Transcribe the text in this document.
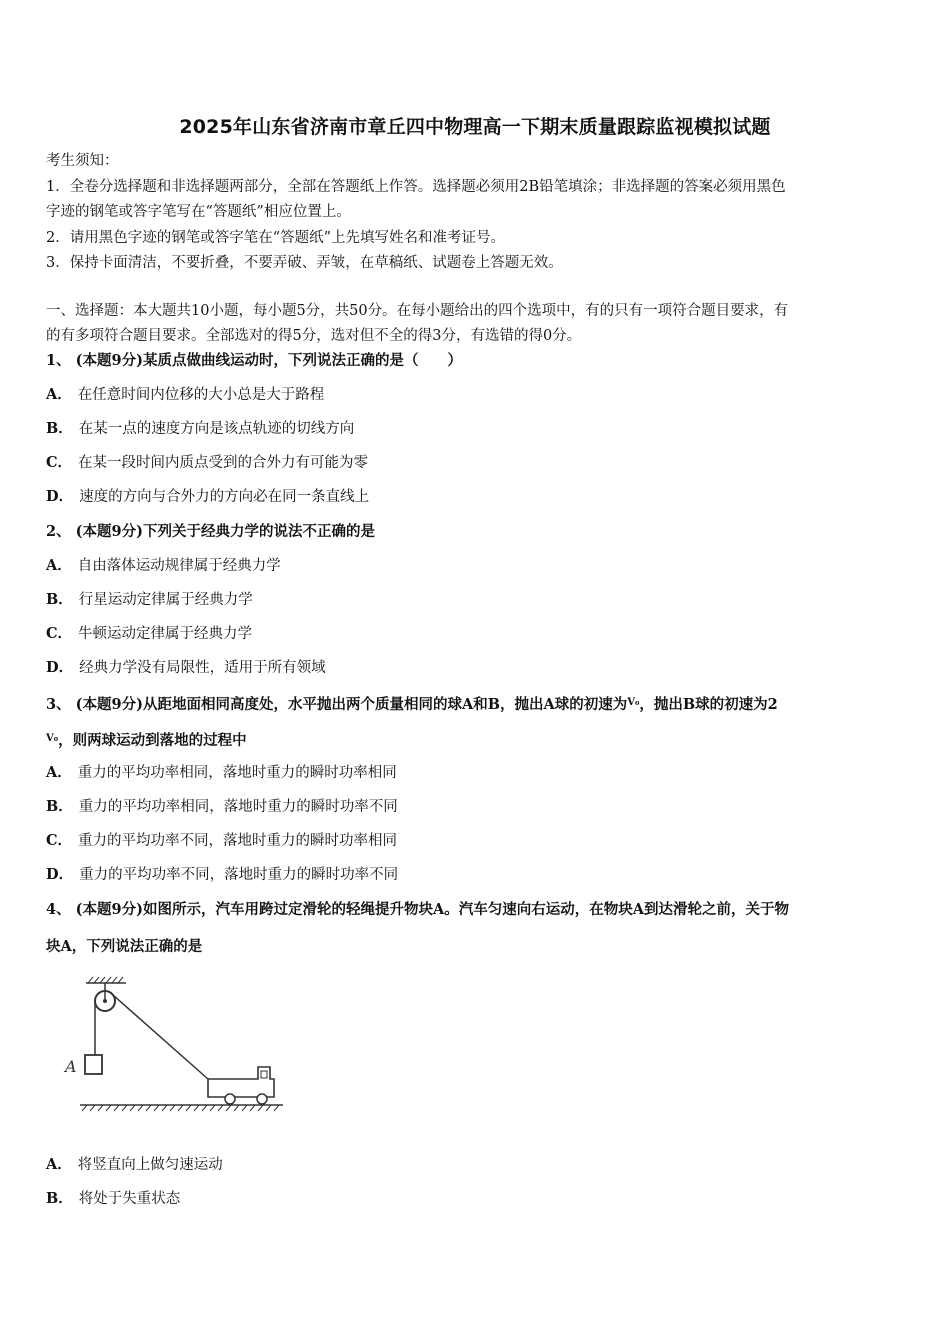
2025年山东省济南市章丘四中物理高一下期末质量跟踪监视模拟试题
考生须知：
1．全卷分选择题和非选择题两部分，全部在答题纸上作答。选择题必须用2B铅笔填涂；非选择题的答案必须用黑色
字迹的钢笔或答字笔写在“答题纸”相应位置上。
2．请用黑色字迹的钢笔或答字笔在“答题纸”上先填写姓名和准考证号。
3．保持卡面清洁，不要折叠，不要弄破、弄皱，在草稿纸、试题卷上答题无效。
一、选择题：本大题共10小题，每小题5分，共50分。在每小题给出的四个选项中，有的只有一项符合题目要求，有
的有多项符合题目要求。全部选对的得5分，选对但不全的得3分，有选错的得0分。
1、 (本题9分)某质点做曲线运动时，下列说法正确的是（　　）
A． 在任意时间内位移的大小总是大于路程
B． 在某一点的速度方向是该点轨迹的切线方向
C． 在某一段时间内质点受到的合外力有可能为零
D． 速度的方向与合外力的方向必在同一条直线上
2、 (本题9分)下列关于经典力学的说法不正确的是
A． 自由落体运动规律属于经典力学
B． 行星运动定律属于经典力学
C． 牛顿运动定律属于经典力学
D． 经典力学没有局限性，适用于所有领域
3、 (本题9分)从距地面相同高度处，水平抛出两个质量相同的球A和B，抛出A球的初速为$^{V_0}$，抛出B球的初速为2
$^{V_0}$，则两球运动到落地的过程中
A． 重力的平均功率相同，落地时重力的瞬时功率相同
B． 重力的平均功率相同，落地时重力的瞬时功率不同
C． 重力的平均功率不同，落地时重力的瞬时功率相同
D． 重力的平均功率不同，落地时重力的瞬时功率不同
4、 (本题9分)如图所示，汽车用跨过定滑轮的轻绳提升物块A。汽车匀速向右运动，在物块A到达滑轮之前，关于物
块A，下列说法正确的是
A
A． 将竖直向上做匀速运动
B． 将处于失重状态
